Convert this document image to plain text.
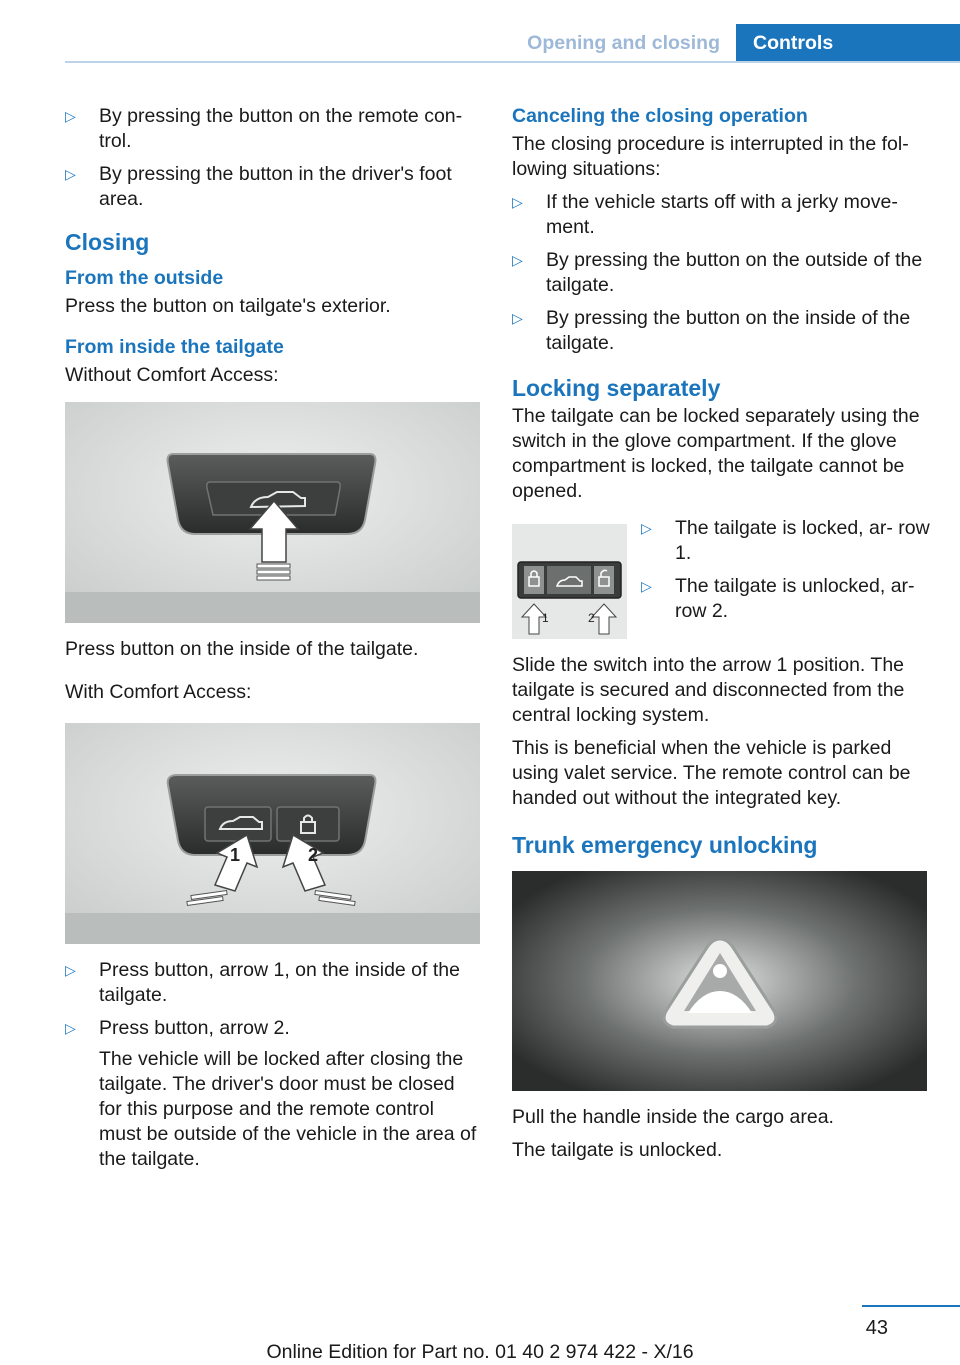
Opening and closing	Controls
▷ By pressing the button on the remote con‐ trol.
▷ By pressing the button in the driver's foot area.
Closing
From the outside

Press the button on tailgate's exterior.

From inside the tailgate

Without Comfort Access:

Press button on the inside of the tailgate.

With Comfort Access:

1	2
▷ Press button, arrow 1, on the inside of the tailgate.
▷ Press button, arrow 2.

The vehicle will be locked after closing the tailgate. The driver's door must be closed for this purpose and the remote control must be outside of the vehicle in the area of the tailgate.

Canceling the closing operation

The closing procedure is interrupted in the fol‐ lowing situations:

▷ If the vehicle starts off with a jerky move‐ ment.
▷ By pressing the button on the outside of the tailgate.
▷ By pressing the button on the inside of the tailgate.
Locking separately

The tailgate can be locked separately using the switch in the glove compartment. If the glove compartment is locked, the tailgate cannot be opened.

1	2
▷ The tailgate is locked, ar‐ row 1.
▷ The tailgate is unlocked, ar‐ row 2.

Slide the switch into the arrow 1 position. The tailgate is secured and disconnected from the central locking system.

This is beneficial when the vehicle is parked using valet service. The remote control can be handed out without the integrated key.

Trunk emergency unlocking

Pull the handle inside the cargo area.

The tailgate is unlocked.

43
Online Edition for Part no. 01 40 2 974 422 - X/16
